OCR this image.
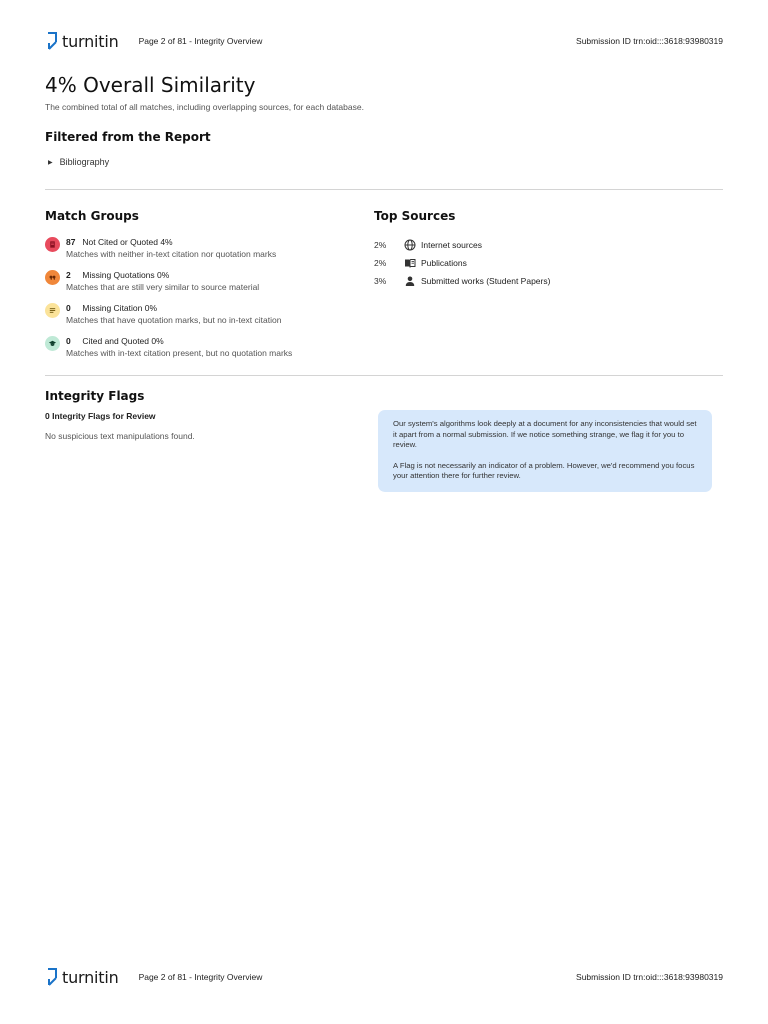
turnitin Page 2 of 81 - Integrity Overview	Submission ID trn:oid:::3618:93980319
4% Overall Similarity
The combined total of all matches, including overlapping sources, for each database.
Filtered from the Report
▶ Bibliography
Match Groups
87 Not Cited or Quoted 4%
Matches with neither in-text citation nor quotation marks
2 Missing Quotations 0%
Matches that are still very similar to source material
0 Missing Citation 0%
Matches that have quotation marks, but no in-text citation
0 Cited and Quoted 0%
Matches with in-text citation present, but no quotation marks
Top Sources
2%	Internet sources
2%	Publications
3%	Submitted works (Student Papers)
Integrity Flags
0 Integrity Flags for Review
No suspicious text manipulations found.

Our system's algorithms look deeply at a document for any inconsistencies that would set it apart from a normal submission. If we notice something strange, we flag it for you to review.

A Flag is not necessarily an indicator of a problem. However, we'd recommend you focus your attention there for further review.

turnitin Page 2 of 81 - Integrity Overview	Submission ID trn:oid:::3618:93980319
